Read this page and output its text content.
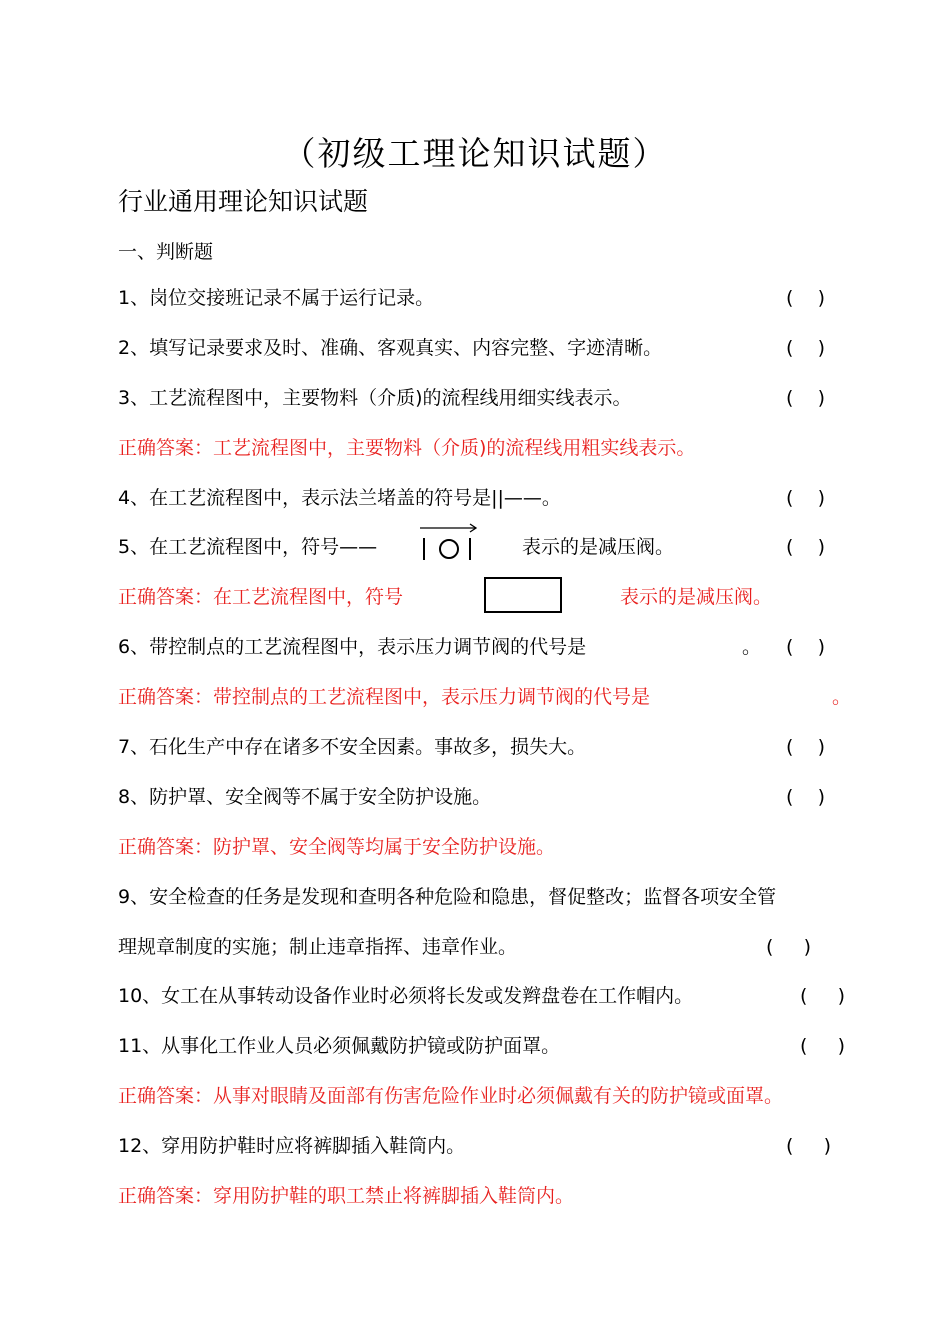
（初级工理论知识试题）
行业通用理论知识试题
一、判断题
1、岗位交接班记录不属于运行记录。	(    )
2、填写记录要求及时、准确、客观真实、内容完整、字迹清晰。	(    )
3、工艺流程图中，主要物料（介质)的流程线用细实线表示。	(    )
正确答案：工艺流程图中，主要物料（介质)的流程线用粗实线表示。
4、在工艺流程图中，表示法兰堵盖的符号是||——。	(    )
5、在工艺流程图中，符号——	表示的是减压阀。	(    )
正确答案：在工艺流程图中，符号	表示的是减压阀。
6、带控制点的工艺流程图中，表示压力调节阀的代号是	。 (    )
正确答案：带控制点的工艺流程图中，表示压力调节阀的代号是	。
7、石化生产中存在诸多不安全因素。事故多，损失大。	(    )
8、防护罩、安全阀等不属于安全防护设施。	(    )
正确答案：防护罩、安全阀等均属于安全防护设施。
9、安全检查的任务是发现和查明各种危险和隐患，督促整改；监督各项安全管
理规章制度的实施；制止违章指挥、违章作业。	(     )
10、女工在从事转动设备作业时必须将长发或发辫盘卷在工作帽内。	(     )
11、从事化工作业人员必须佩戴防护镜或防护面罩。	(     )
正确答案：从事对眼睛及面部有伤害危险作业时必须佩戴有关的防护镜或面罩。
12、穿用防护鞋时应将裤脚插入鞋筒内。	(     )
正确答案：穿用防护鞋的职工禁止将裤脚插入鞋筒内。
